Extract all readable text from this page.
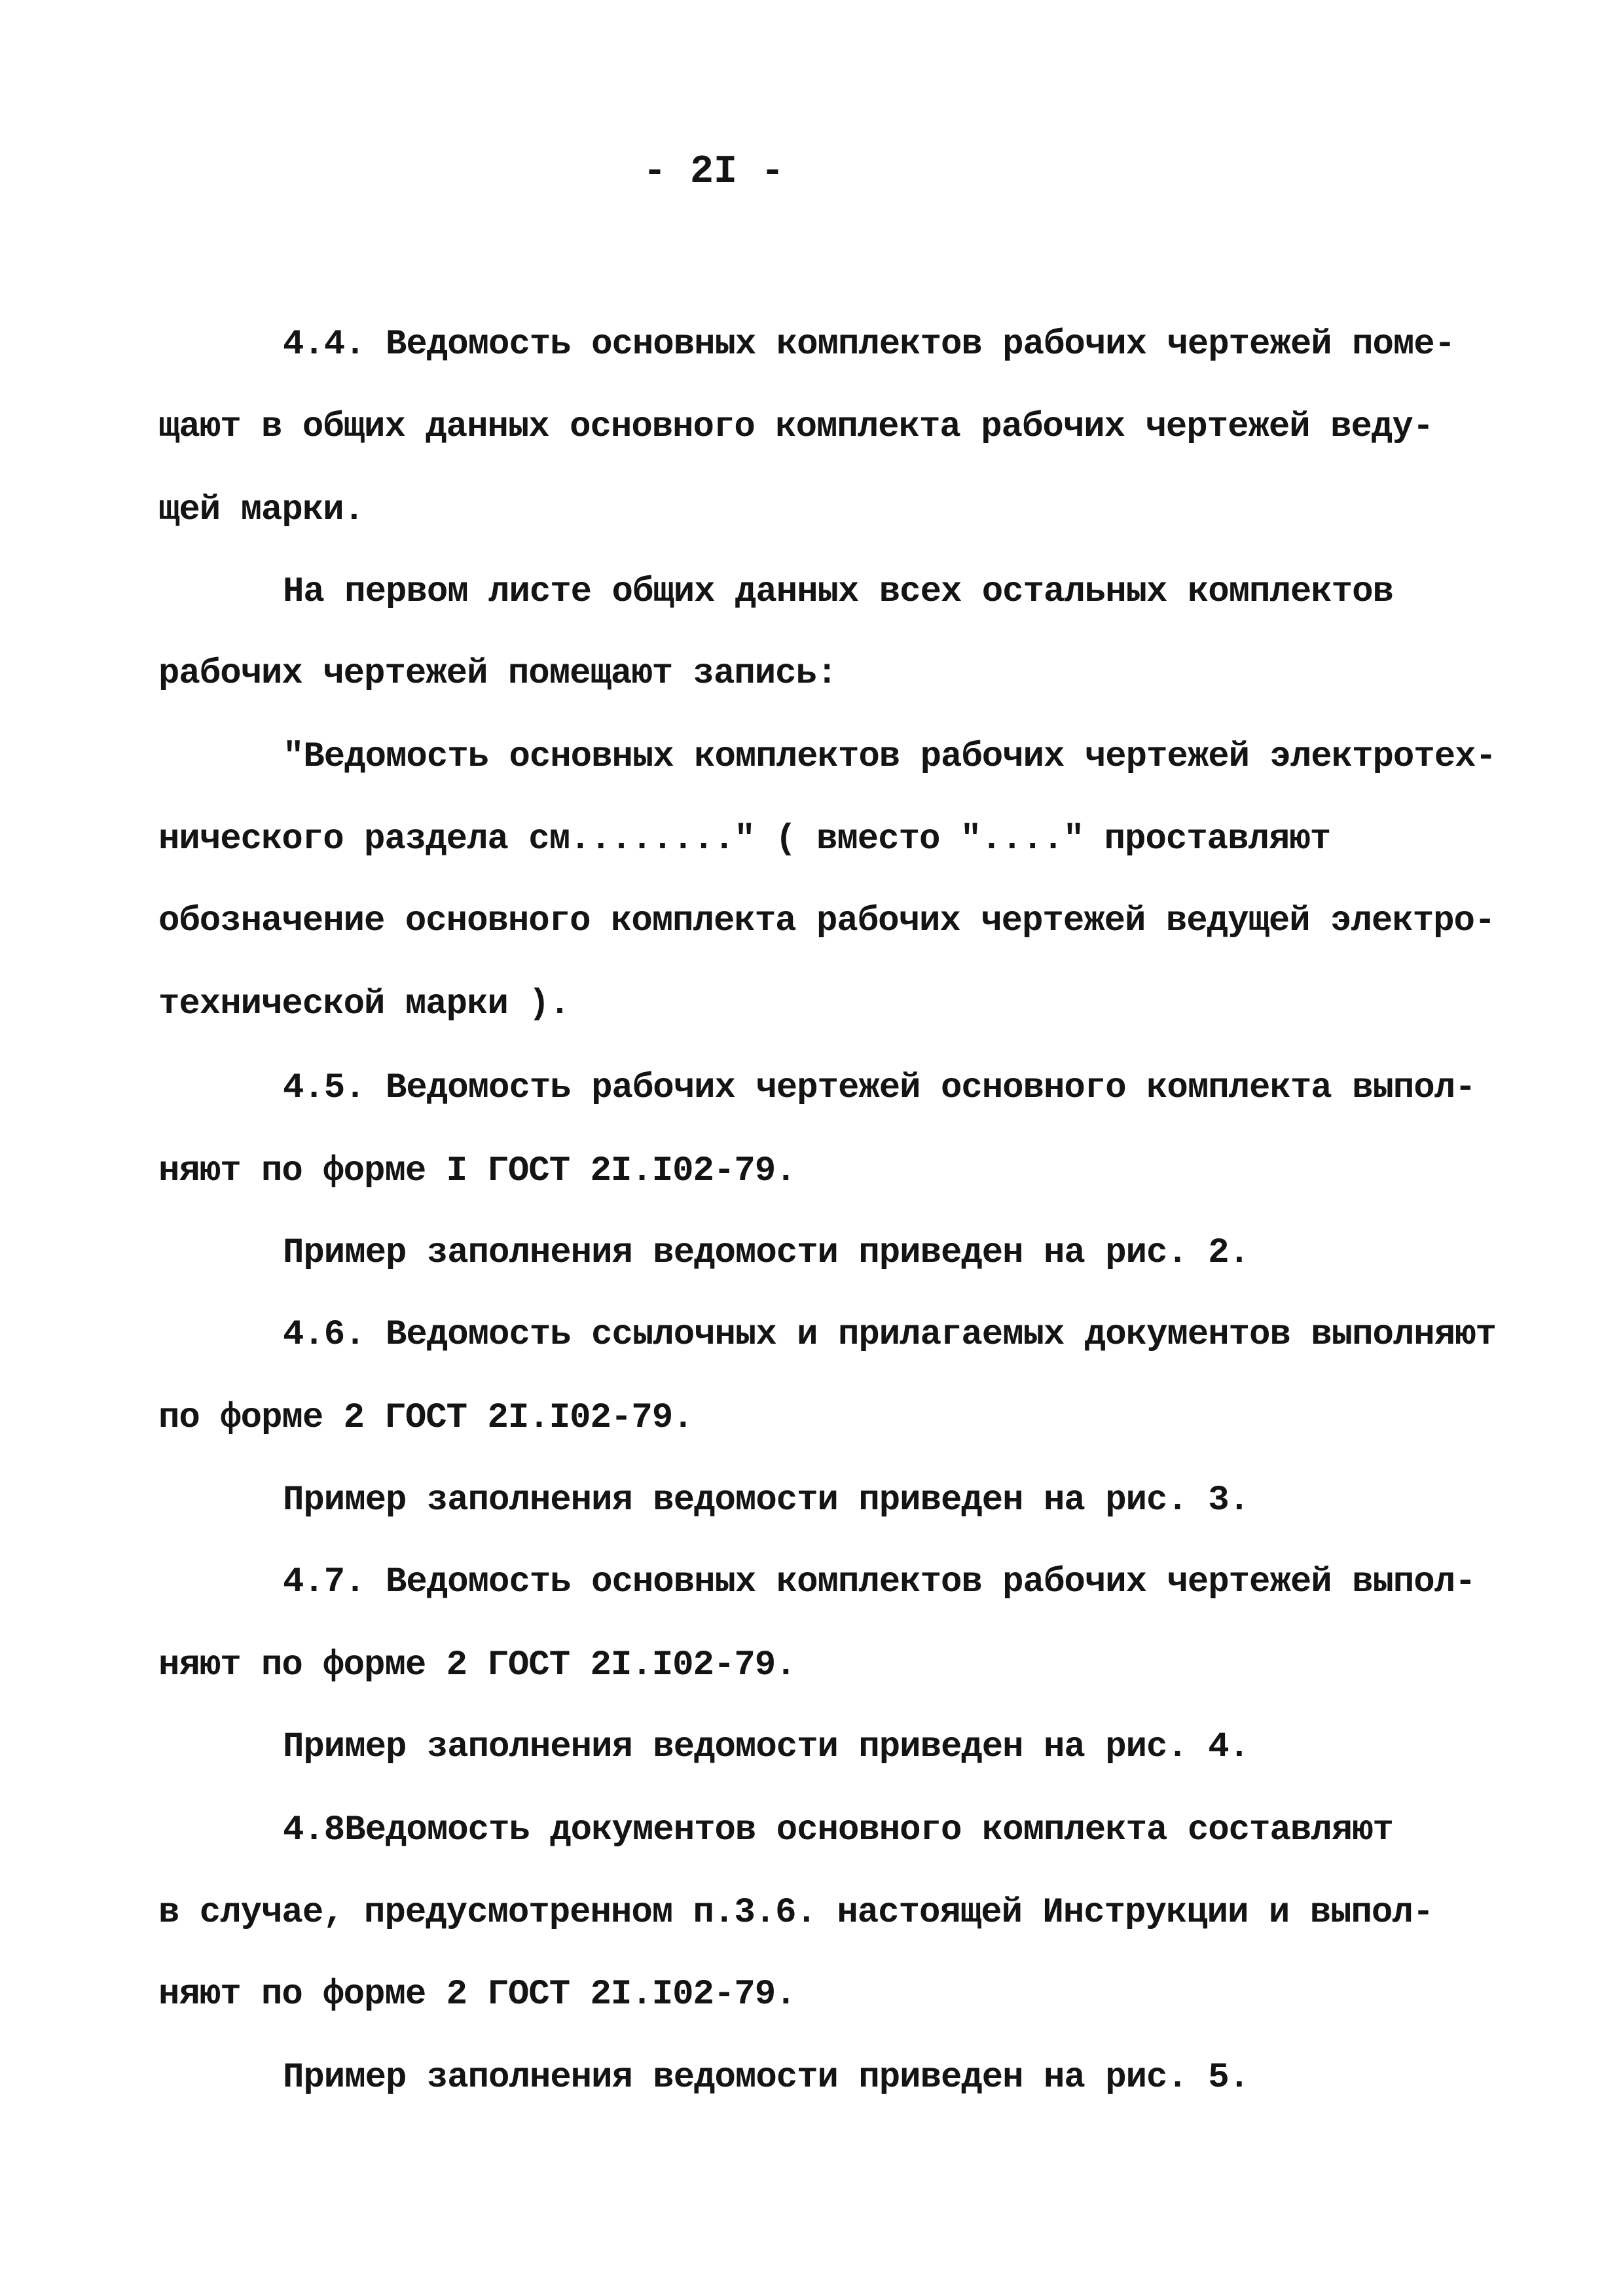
- 2I -
4.4. Ведомость основных комплектов рабочих чертежей поме-
щают в общих данных основного комплекта рабочих чертежей веду-
щей марки.
На первом листе общих данных всех остальных комплектов
рабочих чертежей помещают запись:
"Ведомость основных комплектов рабочих чертежей электротех-
нического раздела см........" ( вместо "...." проставляют
обозначение основного комплекта рабочих чертежей ведущей электро-
технической марки ).
4.5. Ведомость рабочих чертежей основного комплекта выпол-
няют по форме I ГОСТ 2I.I02-79.
Пример заполнения ведомости приведен на рис. 2.
4.6. Ведомость ссылочных и прилагаемых документов выполняют
по форме 2 ГОСТ 2I.I02-79.
Пример заполнения ведомости приведен на рис. 3.
4.7. Ведомость основных комплектов рабочих чертежей выпол-
няют по форме 2 ГОСТ 2I.I02-79.
Пример заполнения ведомости приведен на рис. 4.
4.8Ведомость документов основного комплекта составляют
в случае, предусмотренном п.3.6. настоящей Инструкции и выпол-
няют по форме 2 ГОСТ 2I.I02-79.
Пример заполнения ведомости приведен на рис. 5.
